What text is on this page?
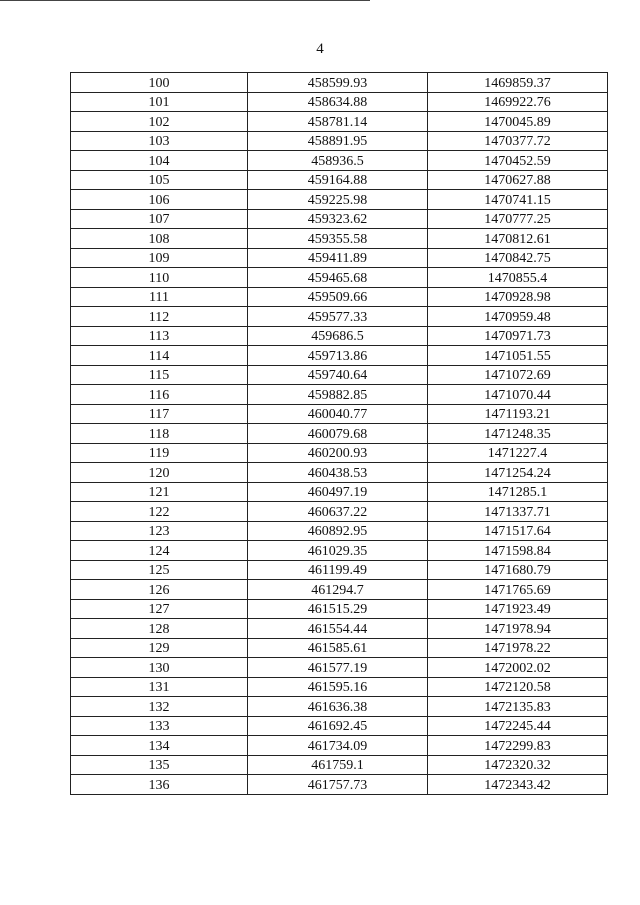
4
100	458599.93	1469859.37
101	458634.88	1469922.76
102	458781.14	1470045.89
103	458891.95	1470377.72
104	458936.5	1470452.59
105	459164.88	1470627.88
106	459225.98	1470741.15
107	459323.62	1470777.25
108	459355.58	1470812.61
109	459411.89	1470842.75
110	459465.68	1470855.4
111	459509.66	1470928.98
112	459577.33	1470959.48
113	459686.5	1470971.73
114	459713.86	1471051.55
115	459740.64	1471072.69
116	459882.85	1471070.44
117	460040.77	1471193.21
118	460079.68	1471248.35
119	460200.93	1471227.4
120	460438.53	1471254.24
121	460497.19	1471285.1
122	460637.22	1471337.71
123	460892.95	1471517.64
124	461029.35	1471598.84
125	461199.49	1471680.79
126	461294.7	1471765.69
127	461515.29	1471923.49
128	461554.44	1471978.94
129	461585.61	1471978.22
130	461577.19	1472002.02
131	461595.16	1472120.58
132	461636.38	1472135.83
133	461692.45	1472245.44
134	461734.09	1472299.83
135	461759.1	1472320.32
136	461757.73	1472343.42
